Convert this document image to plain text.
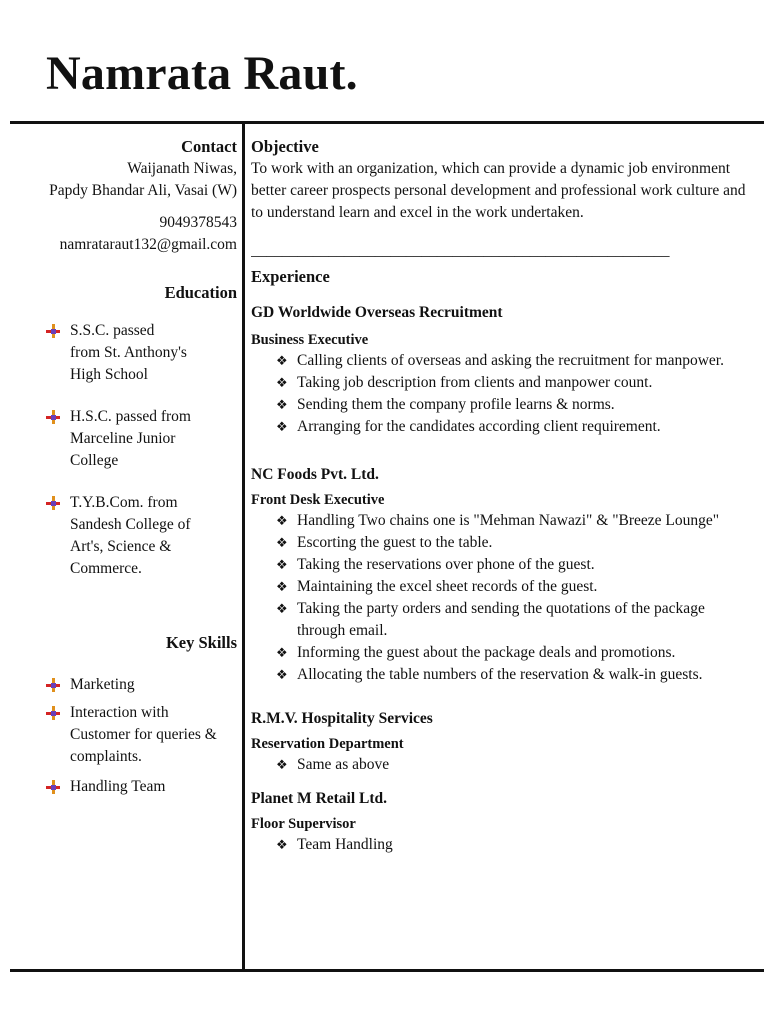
Namrata Raut.
Contact
Waijanath Niwas,
Papdy Bhandar Ali, Vasai (W)
9049378543
namratar​aut132@gmail.com
Education
S.S.C. passed
from St. Anthony's
High School
H.S.C. passed from
Marceline Junior
College
T.Y.B.Com. from
Sandesh College of
Art's, Science &
Commerce.
Key Skills
Marketing
Interaction with
Customer for queries &
complaints.
Handling Team
Objective
To work with an organization, which can provide a dynamic job environment better career prospects personal development and professional work culture and to understand learn and excel in the work undertaken.
______________________________________________________
Experience
GD Worldwide Overseas Recruitment
Business Executive
❖ Calling clients of overseas and asking the recruitment for manpower.
❖ Taking job description from clients and manpower count.
❖ Sending them the company profile learns & norms.
❖ Arranging for the candidates according client requirement.
NC Foods Pvt. Ltd.
Front Desk Executive
❖ Handling Two chains one is "Mehman Nawazi" & "Breeze Lounge"
❖ Escorting the guest to the table.
❖ Taking the reservations over phone of the guest.
❖ Maintaining the excel sheet records of the guest.
❖ Taking the party orders and sending the quotations of the package through email.
❖ Informing the guest about the package deals and promotions.
❖ Allocating the table numbers of the reservation & walk-in guests.
R.M.V. Hospitality Services
Reservation Department
❖ Same as above
Planet M Retail Ltd.
Floor Supervisor
❖ Team Handling
